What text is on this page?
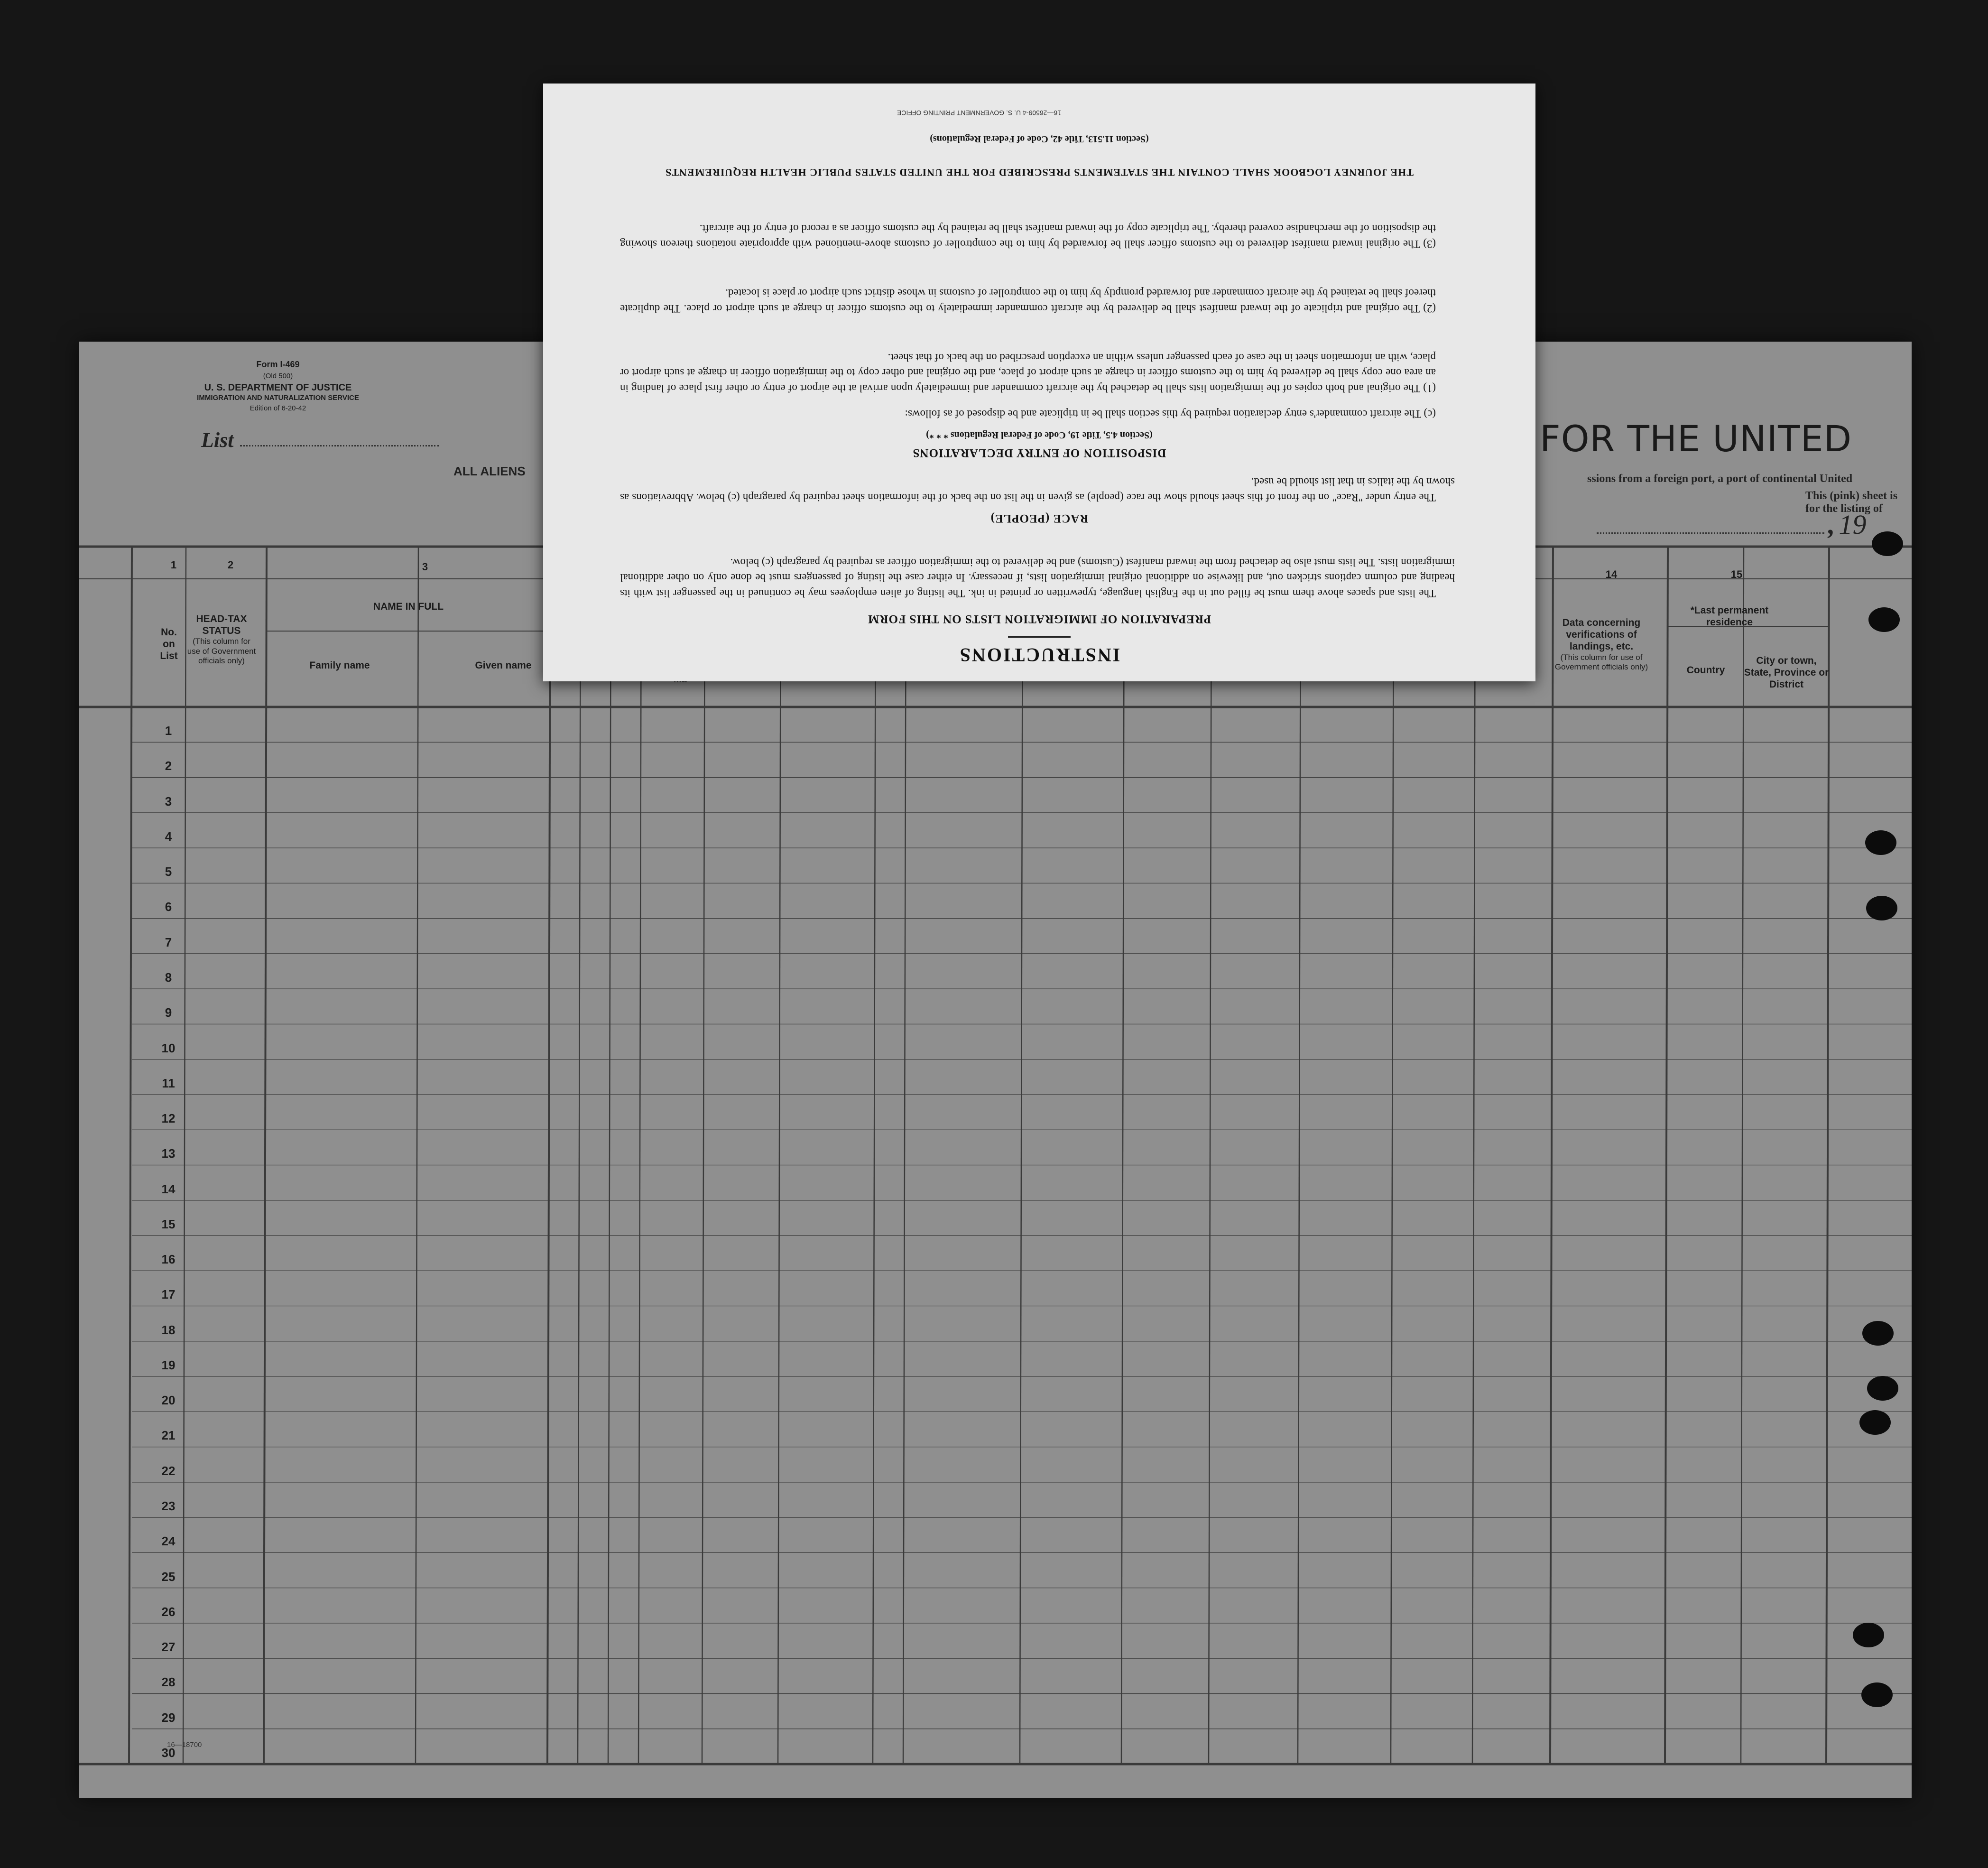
Form I-469
(Old 500)
U. S. DEPARTMENT OF JUSTICE
IMMIGRATION AND NATURALIZATION SERVICE
Edition of 6-20-42
List
ALL ALIENS
FOR THE UNITED
ssions from a foreign port, a port of continental United
This (pink) sheet is for the listing of
, 19
1	2	3
14	15
No. on List
HEAD-TAX STATUS
(This column for use of Government officials only)
NAME IN FULL
Family name	Given name
Data concerning verifications of landings, etc.
(This column for use of Government officials only)
*Last permanent residence
Country
City or town, State, Province or District
1
2
3
4
5
6
7
8
9
10
11
12
13
14
15
16
17
18
19
20
21
22
23
24
25
26
27
28
29
30
16—18700
INSTRUCTIONS
PREPARATION OF IMMIGRATION LISTS ON THIS FORM
The lists and spaces above them must be filled out in the English language, typewritten or printed in ink. The listing of alien employees may be continued in the passenger list with its heading and column captions stricken out, and likewise on additional original immigration lists, if necessary. In either case the listing of passengers must be done only on other additional immigration lists. The lists must also be detached from the inward manifest (Customs) and be delivered to the immigration officer as required by paragraph (c) below.
RACE (PEOPLE)
The entry under "Race" on the front of this sheet should show the race (people) as given in the list on the back of the information sheet required by paragraph (c) below. Abbreviations as shown by the italics in that list should be used.
DISPOSITION OF ENTRY DECLARATIONS
(Section 4.5, Title 19, Code of Federal Regulations * * *)
(c) The aircraft commander's entry declaration required by this section shall be in triplicate and be disposed of as follows:
(1) The original and both copies of the immigration lists shall be detached by the aircraft commander and immediately upon arrival at the airport of entry or other first place of landing in an area one copy shall be delivered by him to the customs officer in charge at such airport of place, and the original and other copy to the immigration officer in charge at such airport or place, with an information sheet in the case of each passenger unless within an exception prescribed on the back of that sheet.
(2) The original and triplicate of the inward manifest shall be delivered by the aircraft commander immediately to the customs officer in charge at such airport or place. The duplicate thereof shall be retained by the aircraft commander and forwarded promptly by him to the comptroller of customs in whose district such airport or place is located.
(3) The original inward manifest delivered to the customs officer shall be forwarded by him to the comptroller of customs above-mentioned with appropriate notations thereon showing the disposition of the merchandise covered thereby. The triplicate copy of the inward manifest shall be retained by the customs officer as a record of entry of the aircraft.
THE JOURNEY LOGBOOK SHALL CONTAIN THE STATEMENTS PRESCRIBED FOR THE UNITED STATES PUBLIC HEALTH REQUIREMENTS
(Section 11.513, Title 42, Code of Federal Regulations)
16—26509-4 U. S. GOVERNMENT PRINTING OFFICE
